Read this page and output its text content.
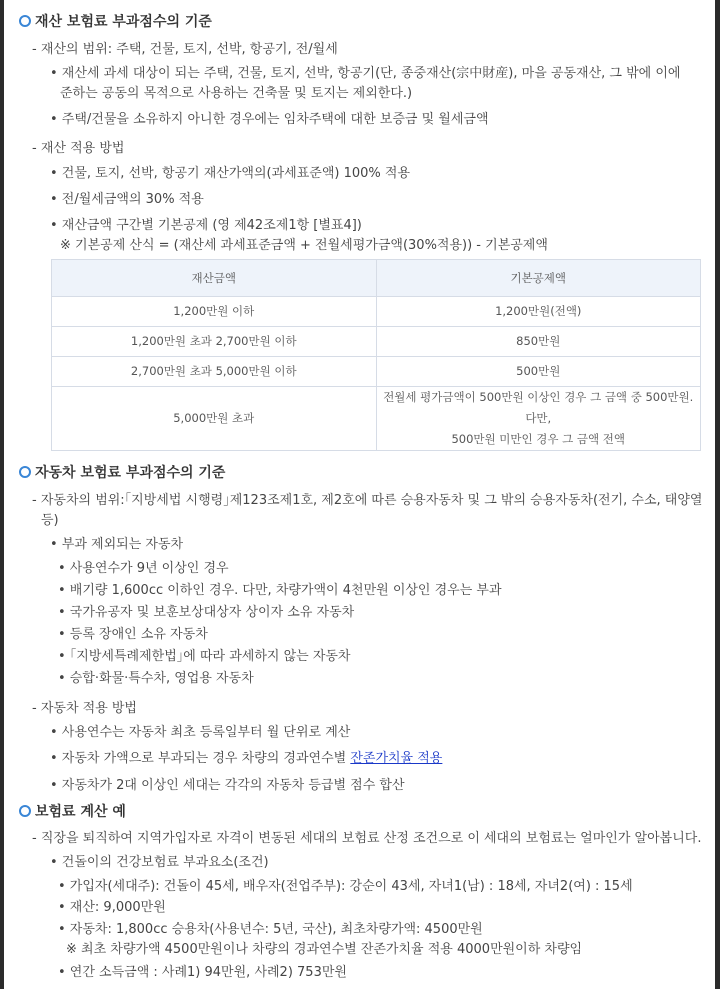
재산 보험료 부과점수의 기준
- 재산의 범위: 주택, 건물, 토지, 선박, 항공기, 전/월세
• 재산세 과세 대상이 되는 주택, 건물, 토지, 선박, 항공기(단, 종중재산(宗中財産), 마을 공동재산, 그 밖에 이에
준하는 공동의 목적으로 사용하는 건축물 및 토지는 제외한다.)
• 주택/건물을 소유하지 아니한 경우에는 임차주택에 대한 보증금 및 월세금액
- 재산 적용 방법
• 건물, 토지, 선박, 항공기 재산가액의(과세표준액) 100% 적용
• 전/월세금액의 30% 적용
• 재산금액 구간별 기본공제 (영 제42조제1항 [별표4])
※ 기본공제 산식 = (재산세 과세표준금액 + 전월세평가금액(30%적용)) - 기본공제액
재산금액	기본공제액
1,200만원 이하	1,200만원(전액)
1,200만원 초과 2,700만원 이하	850만원
2,700만원 초과 5,000만원 이하	500만원
5,000만원 초과	전월세 평가금액이 500만원 이상인 경우 그 금액 중 500만원. 다만,
500만원 미만인 경우 그 금액 전액
자동차 보험료 부과점수의 기준
- 자동차의 범위:｢지방세법 시행령｣제123조제1호, 제2호에 따른 승용자동차 및 그 밖의 승용자동차(전기, 수소, 태양열
등)
• 부과 제외되는 자동차
• 사용연수가 9년 이상인 경우
• 배기량 1,600cc 이하인 경우. 다만, 차량가액이 4천만원 이상인 경우는 부과
• 국가유공자 및 보훈보상대상자 상이자 소유 자동차
• 등록 장애인 소유 자동차
• ｢지방세특례제한법｣에 따라 과세하지 않는 자동차
• 승합·화물·특수차, 영업용 자동차
- 자동차 적용 방법
• 사용연수는 자동차 최초 등록일부터 월 단위로 계산
• 자동차 가액으로 부과되는 경우 차량의 경과연수별 잔존가치율 적용
• 자동차가 2대 이상인 세대는 각각의 자동차 등급별 점수 합산
보험료 계산 예
- 직장을 퇴직하여 지역가입자로 자격이 변동된 세대의 보험료 산정 조건으로 이 세대의 보험료는 얼마인가 알아봅니다.
• 건돌이의 건강보험료 부과요소(조건)
• 가입자(세대주): 건돌이 45세, 배우자(전업주부): 강순이 43세, 자녀1(남) : 18세, 자녀2(여) : 15세
• 재산: 9,000만원
• 자동차: 1,800cc 승용차(사용년수: 5년, 국산), 최초차량가액: 4500만원
※ 최초 차량가액 4500만원이나 차량의 경과연수별 잔존가치율 적용 4000만원이하 차량임
• 연간 소득금액 : 사례1) 94만원, 사례2) 753만원
